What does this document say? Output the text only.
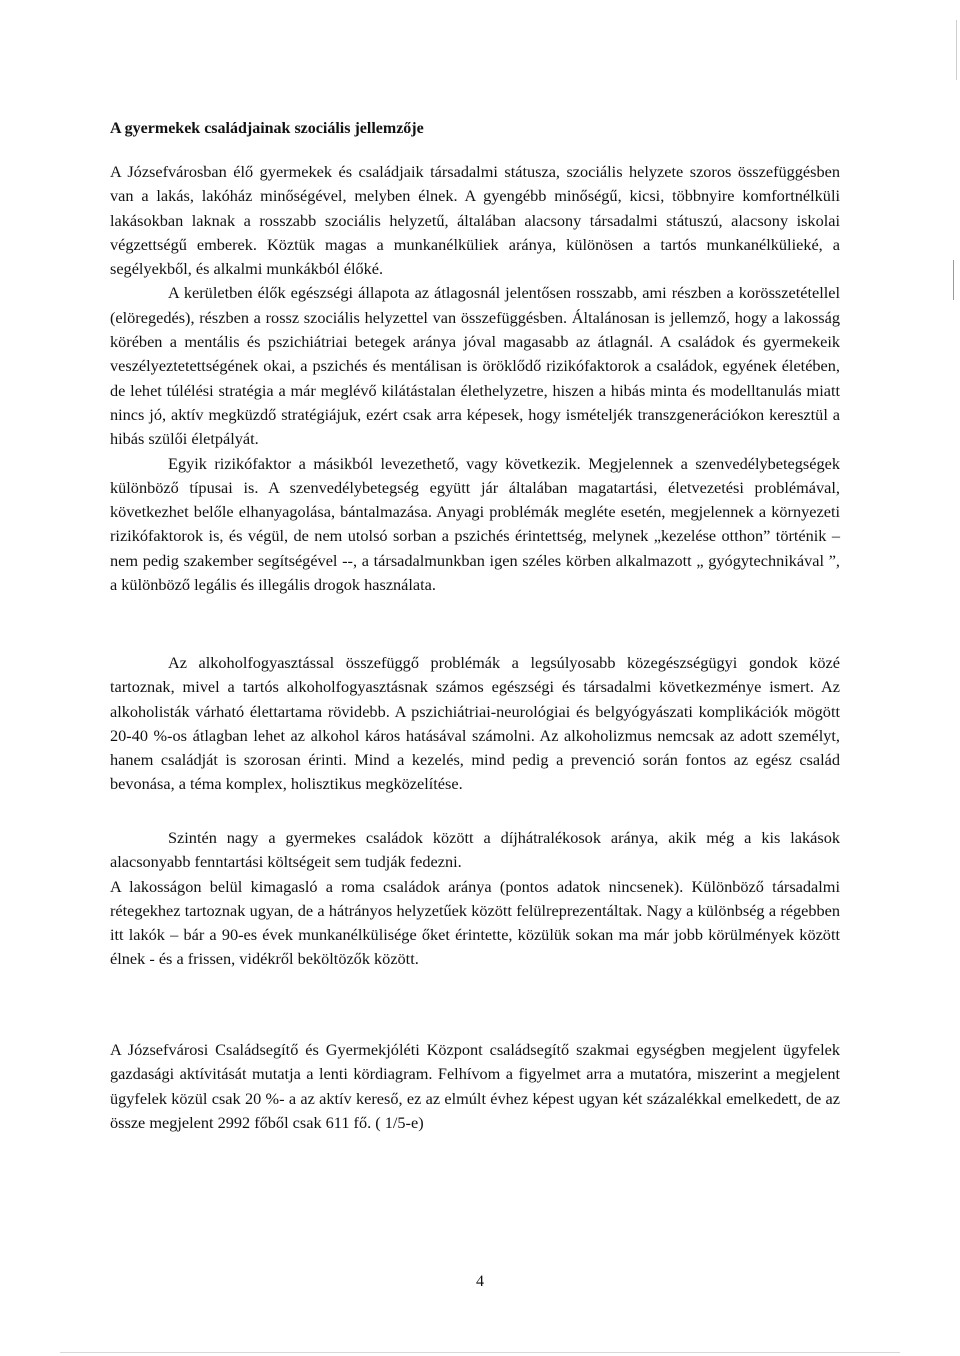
A gyermekek családjainak szociális jellemzője

A Józsefvárosban élő gyermekek és családjaik társadalmi státusza, szociális helyzete szoros összefüggésben van a lakás, lakóház minőségével, melyben élnek. A gyengébb minőségű, kicsi, többnyire komfortnélküli lakásokban laknak a rosszabb szociális helyzetű, általában alacsony társadalmi státuszú, alacsony iskolai végzettségű emberek. Köztük magas a munkanélküliek aránya, különösen a tartós munkanélkülieké, a segélyekből, és alkalmi munkákból élőké.

A kerületben élők egészségi állapota az átlagosnál jelentősen rosszabb, ami részben a korösszetétellel (elöregedés), részben a rossz szociális helyzettel van összefüggésben. Általánosan is jellemző, hogy a lakosság körében a mentális és pszichiátriai betegek aránya jóval magasabb az átlagnál. A családok és gyermekeik veszélyeztetettségének okai, a pszichés és mentálisan is öröklődő rizikófaktorok a családok, egyének életében, de lehet túlélési stratégia a már meglévő kilátástalan élethelyzetre, hiszen a hibás minta és modelltanulás miatt nincs jó, aktív megküzdő stratégiájuk, ezért csak arra képesek, hogy ismételjék transzgenerációkon keresztül a hibás szülői életpályát.

Egyik rizikófaktor a másikból levezethető, vagy következik. Megjelennek a szenvedélybetegségek különböző típusai is. A szenvedélybetegség együtt jár általában magatartási, életvezetési problémával, következhet belőle elhanyagolása, bántalmazása. Anyagi problémák megléte esetén, megjelennek a környezeti rizikófaktorok is, és végül, de nem utolsó sorban a pszichés érintettség, melynek „kezelése otthon” történik – nem pedig szakember segítségével --, a társadalmunkban igen széles körben alkalmazott „ gyógytechnikával ”, a különböző legális és illegális drogok használata.

Az alkoholfogyasztással összefüggő problémák a legsúlyosabb közegészségügyi gondok közé tartoznak, mivel a tartós alkoholfogyasztásnak számos egészségi és társadalmi következménye ismert. Az alkoholisták várható élettartama rövidebb. A pszichiátriai-neurológiai és belgyógyászati komplikációk mögött 20-40 %-os átlagban lehet az alkohol káros hatásával számolni. Az alkoholizmus nemcsak az adott személyt, hanem családját is szorosan érinti. Mind a kezelés, mind pedig a prevenció során fontos az egész család bevonása, a téma komplex, holisztikus megközelítése.

Szintén nagy a gyermekes családok között a díjhátralékosok aránya, akik még a kis lakások alacsonyabb fenntartási költségeit sem tudják fedezni.

A lakosságon belül kimagasló a roma családok aránya (pontos adatok nincsenek). Különböző társadalmi rétegekhez tartoznak ugyan, de a hátrányos helyzetűek között felülreprezentáltak. Nagy a különbség a régebben itt lakók – bár a 90-es évek munkanélkülisége őket érintette, közülük sokan ma már jobb körülmények között élnek - és a frissen, vidékről beköltözők között.

A Józsefvárosi Családsegítő és Gyermekjóléti Központ családsegítő szakmai egységben megjelent ügyfelek gazdasági aktívitását mutatja a lenti kördiagram. Felhívom a figyelmet arra a mutatóra, miszerint a megjelent ügyfelek közül csak 20 %- a az aktív kereső, ez az elmúlt évhez képest ugyan két százalékkal emelkedett, de az össze megjelent 2992 főből csak 611 fő. ( 1/5-e)

4
